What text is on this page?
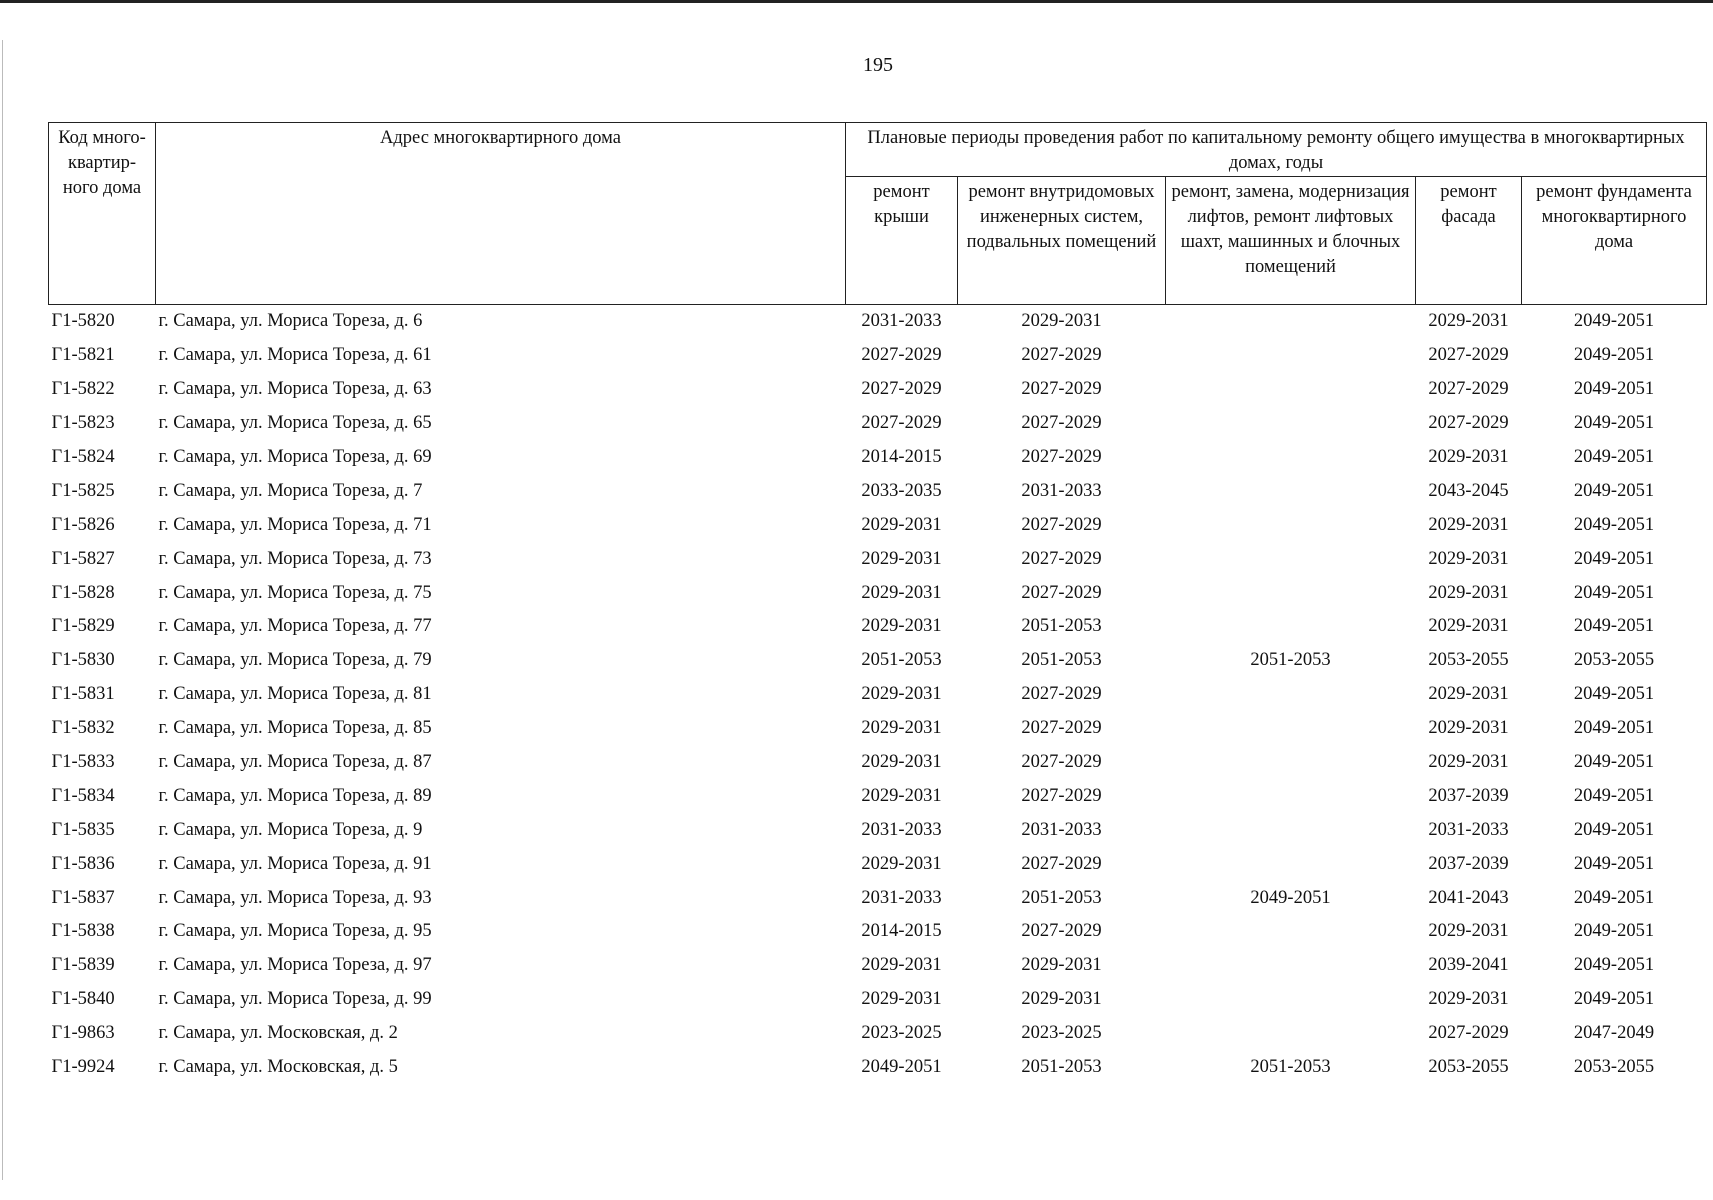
195
Код много-квартир-ного дома	Адрес многоквартирного дома	Плановые периоды проведения работ по капитальному ремонту общего имущества в многоквартирных домах, годы				
		ремонт крыши	ремонт внутридомовых инженерных систем, подвальных помещений	ремонт, замена, модернизация лифтов, ремонт лифтовых шахт, машинных и блочных помещений	ремонт фасада	ремонт фундамента многоквартирного дома
Г1-5820	г. Самара, ул. Мориса Тореза, д. 6	2031-2033	2029-2031		2029-2031	2049-2051
Г1-5821	г. Самара, ул. Мориса Тореза, д. 61	2027-2029	2027-2029		2027-2029	2049-2051
Г1-5822	г. Самара, ул. Мориса Тореза, д. 63	2027-2029	2027-2029		2027-2029	2049-2051
Г1-5823	г. Самара, ул. Мориса Тореза, д. 65	2027-2029	2027-2029		2027-2029	2049-2051
Г1-5824	г. Самара, ул. Мориса Тореза, д. 69	2014-2015	2027-2029		2029-2031	2049-2051
Г1-5825	г. Самара, ул. Мориса Тореза, д. 7	2033-2035	2031-2033		2043-2045	2049-2051
Г1-5826	г. Самара, ул. Мориса Тореза, д. 71	2029-2031	2027-2029		2029-2031	2049-2051
Г1-5827	г. Самара, ул. Мориса Тореза, д. 73	2029-2031	2027-2029		2029-2031	2049-2051
Г1-5828	г. Самара, ул. Мориса Тореза, д. 75	2029-2031	2027-2029		2029-2031	2049-2051
Г1-5829	г. Самара, ул. Мориса Тореза, д. 77	2029-2031	2051-2053		2029-2031	2049-2051
Г1-5830	г. Самара, ул. Мориса Тореза, д. 79	2051-2053	2051-2053	2051-2053	2053-2055	2053-2055
Г1-5831	г. Самара, ул. Мориса Тореза, д. 81	2029-2031	2027-2029		2029-2031	2049-2051
Г1-5832	г. Самара, ул. Мориса Тореза, д. 85	2029-2031	2027-2029		2029-2031	2049-2051
Г1-5833	г. Самара, ул. Мориса Тореза, д. 87	2029-2031	2027-2029		2029-2031	2049-2051
Г1-5834	г. Самара, ул. Мориса Тореза, д. 89	2029-2031	2027-2029		2037-2039	2049-2051
Г1-5835	г. Самара, ул. Мориса Тореза, д. 9	2031-2033	2031-2033		2031-2033	2049-2051
Г1-5836	г. Самара, ул. Мориса Тореза, д. 91	2029-2031	2027-2029		2037-2039	2049-2051
Г1-5837	г. Самара, ул. Мориса Тореза, д. 93	2031-2033	2051-2053	2049-2051	2041-2043	2049-2051
Г1-5838	г. Самара, ул. Мориса Тореза, д. 95	2014-2015	2027-2029		2029-2031	2049-2051
Г1-5839	г. Самара, ул. Мориса Тореза, д. 97	2029-2031	2029-2031		2039-2041	2049-2051
Г1-5840	г. Самара, ул. Мориса Тореза, д. 99	2029-2031	2029-2031		2029-2031	2049-2051
Г1-9863	г. Самара, ул. Московская, д. 2	2023-2025	2023-2025		2027-2029	2047-2049
Г1-9924	г. Самара, ул. Московская, д. 5	2049-2051	2051-2053	2051-2053	2053-2055	2053-2055
